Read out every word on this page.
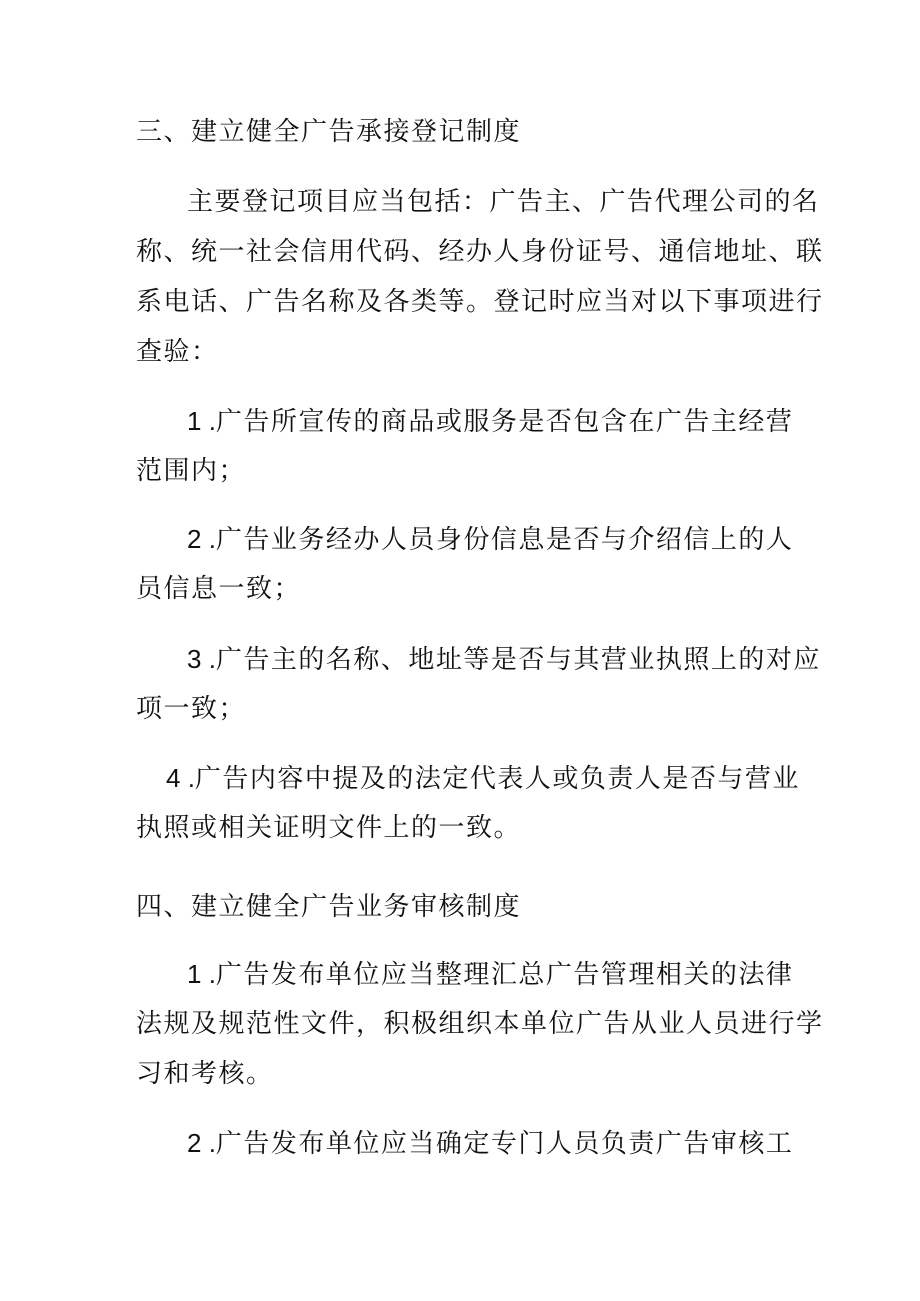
三、建立健全广告承接登记制度
主要登记项目应当包括：广告主、广告代理公司的名
称、统一社会信用代码、经办人身份证号、通信地址、联
系电话、广告名称及各类等。登记时应当对以下事项进行
查验：
1 .广告所宣传的商品或服务是否包含在广告主经营
范围内；
2 .广告业务经办人员身份信息是否与介绍信上的人
员信息一致；
3 .广告主的名称、地址等是否与其营业执照上的对应
项一致；
4 .广告内容中提及的法定代表人或负责人是否与营业
执照或相关证明文件上的一致。
四、建立健全广告业务审核制度
1 .广告发布单位应当整理汇总广告管理相关的法律
法规及规范性文件，积极组织本单位广告从业人员进行学
习和考核。
2 .广告发布单位应当确定专门人员负责广告审核工
